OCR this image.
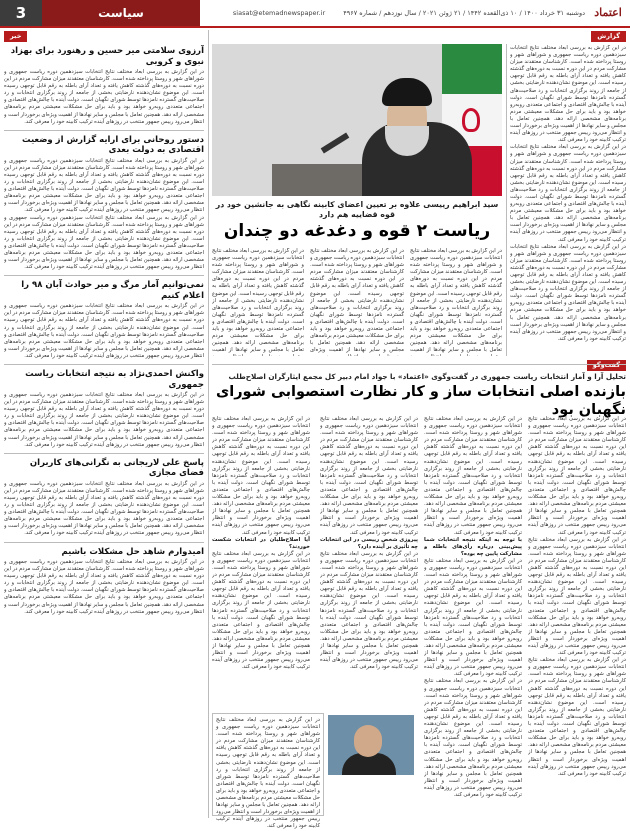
اعتماد
siasat@etemadnewspaper.ir	دوشنبه ۳۱ خرداد ۱۴۰۰ / ۱۰ ذی‌القعده ۱۴۴۲ / ۲۱ ژوئن ۲۰۲۱ / سال نوزدهم / شماره ۴۹۶۷
سیاست
3
گزارش
خبر
گفت‌وگو

در این گزارش به بررسی ابعاد مختلف نتایج انتخابات سیزدهمین دوره ریاست جمهوری و شوراهای شهر و روستا پرداخته شده است. کارشناسان معتقدند میزان مشارکت مردم در این دوره نسبت به دوره‌های گذشته کاهش یافته و تعداد آرای باطله به رقم قابل توجهی رسیده است. این موضوع نشان‌دهنده نارضایتی بخشی از جامعه از روند برگزاری انتخابات و رد صلاحیت‌های گسترده نامزدها توسط شورای نگهبان است. دولت آینده با چالش‌های اقتصادی و اجتماعی متعددی روبه‌رو خواهد بود و باید برای حل مشکلات معیشتی مردم برنامه‌های مشخصی ارائه دهد. همچنین تعامل با مجلس و سایر نهادها از اهمیت ویژه‌ای برخوردار است و انتظار می‌رود رییس جمهور منتخب در روزهای آینده ترکیب کابینه خود را معرفی کند.

در این گزارش به بررسی ابعاد مختلف نتایج انتخابات سیزدهمین دوره ریاست جمهوری و شوراهای شهر و روستا پرداخته شده است. کارشناسان معتقدند میزان مشارکت مردم در این دوره نسبت به دوره‌های گذشته کاهش یافته و تعداد آرای باطله به رقم قابل توجهی رسیده است. این موضوع نشان‌دهنده نارضایتی بخشی از جامعه از روند برگزاری انتخابات و رد صلاحیت‌های گسترده نامزدها توسط شورای نگهبان است. دولت آینده با چالش‌های اقتصادی و اجتماعی متعددی روبه‌رو خواهد بود و باید برای حل مشکلات معیشتی مردم برنامه‌های مشخصی ارائه دهد. همچنین تعامل با مجلس و سایر نهادها از اهمیت ویژه‌ای برخوردار است و انتظار می‌رود رییس جمهور منتخب در روزهای آینده ترکیب کابینه خود را معرفی کند.

در این گزارش به بررسی ابعاد مختلف نتایج انتخابات سیزدهمین دوره ریاست جمهوری و شوراهای شهر و روستا پرداخته شده است. کارشناسان معتقدند میزان مشارکت مردم در این دوره نسبت به دوره‌های گذشته کاهش یافته و تعداد آرای باطله به رقم قابل توجهی رسیده است. این موضوع نشان‌دهنده نارضایتی بخشی از جامعه از روند برگزاری انتخابات و رد صلاحیت‌های گسترده نامزدها توسط شورای نگهبان است. دولت آینده با چالش‌های اقتصادی و اجتماعی متعددی روبه‌رو خواهد بود و باید برای حل مشکلات معیشتی مردم برنامه‌های مشخصی ارائه دهد. همچنین تعامل با مجلس و سایر نهادها از اهمیت ویژه‌ای برخوردار است و انتظار می‌رود رییس جمهور منتخب در روزهای آینده ترکیب کابینه خود را معرفی کند.

آرزوی سلامتی میر حسین و رهنورد برای بهزاد نبوی و کروبی

در این گزارش به بررسی ابعاد مختلف نتایج انتخابات سیزدهمین دوره ریاست جمهوری و شوراهای شهر و روستا پرداخته شده است. کارشناسان معتقدند میزان مشارکت مردم در این دوره نسبت به دوره‌های گذشته کاهش یافته و تعداد آرای باطله به رقم قابل توجهی رسیده است. این موضوع نشان‌دهنده نارضایتی بخشی از جامعه از روند برگزاری انتخابات و رد صلاحیت‌های گسترده نامزدها توسط شورای نگهبان است. دولت آینده با چالش‌های اقتصادی و اجتماعی متعددی روبه‌رو خواهد بود و باید برای حل مشکلات معیشتی مردم برنامه‌های مشخصی ارائه دهد. همچنین تعامل با مجلس و سایر نهادها از اهمیت ویژه‌ای برخوردار است و انتظار می‌رود رییس جمهور منتخب در روزهای آینده ترکیب کابینه خود را معرفی کند.

دستور روحانی برای ارایه گزارش از وضعیت اقتصادی به دولت بعدی

در این گزارش به بررسی ابعاد مختلف نتایج انتخابات سیزدهمین دوره ریاست جمهوری و شوراهای شهر و روستا پرداخته شده است. کارشناسان معتقدند میزان مشارکت مردم در این دوره نسبت به دوره‌های گذشته کاهش یافته و تعداد آرای باطله به رقم قابل توجهی رسیده است. این موضوع نشان‌دهنده نارضایتی بخشی از جامعه از روند برگزاری انتخابات و رد صلاحیت‌های گسترده نامزدها توسط شورای نگهبان است. دولت آینده با چالش‌های اقتصادی و اجتماعی متعددی روبه‌رو خواهد بود و باید برای حل مشکلات معیشتی مردم برنامه‌های مشخصی ارائه دهد. همچنین تعامل با مجلس و سایر نهادها از اهمیت ویژه‌ای برخوردار است و انتظار می‌رود رییس جمهور منتخب در روزهای آینده ترکیب کابینه خود را معرفی کند.

در این گزارش به بررسی ابعاد مختلف نتایج انتخابات سیزدهمین دوره ریاست جمهوری و شوراهای شهر و روستا پرداخته شده است. کارشناسان معتقدند میزان مشارکت مردم در این دوره نسبت به دوره‌های گذشته کاهش یافته و تعداد آرای باطله به رقم قابل توجهی رسیده است. این موضوع نشان‌دهنده نارضایتی بخشی از جامعه از روند برگزاری انتخابات و رد صلاحیت‌های گسترده نامزدها توسط شورای نگهبان است. دولت آینده با چالش‌های اقتصادی و اجتماعی متعددی روبه‌رو خواهد بود و باید برای حل مشکلات معیشتی مردم برنامه‌های مشخصی ارائه دهد. همچنین تعامل با مجلس و سایر نهادها از اهمیت ویژه‌ای برخوردار است و انتظار می‌رود رییس جمهور منتخب در روزهای آینده ترکیب کابینه خود را معرفی کند.

نمی‌توانیم آمار مرگ و میر حوادث آبان ۹۸ را اعلام کنیم

در این گزارش به بررسی ابعاد مختلف نتایج انتخابات سیزدهمین دوره ریاست جمهوری و شوراهای شهر و روستا پرداخته شده است. کارشناسان معتقدند میزان مشارکت مردم در این دوره نسبت به دوره‌های گذشته کاهش یافته و تعداد آرای باطله به رقم قابل توجهی رسیده است. این موضوع نشان‌دهنده نارضایتی بخشی از جامعه از روند برگزاری انتخابات و رد صلاحیت‌های گسترده نامزدها توسط شورای نگهبان است. دولت آینده با چالش‌های اقتصادی و اجتماعی متعددی روبه‌رو خواهد بود و باید برای حل مشکلات معیشتی مردم برنامه‌های مشخصی ارائه دهد. همچنین تعامل با مجلس و سایر نهادها از اهمیت ویژه‌ای برخوردار است و انتظار می‌رود رییس جمهور منتخب در روزهای آینده ترکیب کابینه خود را معرفی کند.

واکنش احمدی‌نژاد به نتیجه انتخابات ریاست جمهوری

در این گزارش به بررسی ابعاد مختلف نتایج انتخابات سیزدهمین دوره ریاست جمهوری و شوراهای شهر و روستا پرداخته شده است. کارشناسان معتقدند میزان مشارکت مردم در این دوره نسبت به دوره‌های گذشته کاهش یافته و تعداد آرای باطله به رقم قابل توجهی رسیده است. این موضوع نشان‌دهنده نارضایتی بخشی از جامعه از روند برگزاری انتخابات و رد صلاحیت‌های گسترده نامزدها توسط شورای نگهبان است. دولت آینده با چالش‌های اقتصادی و اجتماعی متعددی روبه‌رو خواهد بود و باید برای حل مشکلات معیشتی مردم برنامه‌های مشخصی ارائه دهد. همچنین تعامل با مجلس و سایر نهادها از اهمیت ویژه‌ای برخوردار است و انتظار می‌رود رییس جمهور منتخب در روزهای آینده ترکیب کابینه خود را معرفی کند.

پاسخ علی لاریجانی به نگرانی‌های کاربران فضای مجازی

در این گزارش به بررسی ابعاد مختلف نتایج انتخابات سیزدهمین دوره ریاست جمهوری و شوراهای شهر و روستا پرداخته شده است. کارشناسان معتقدند میزان مشارکت مردم در این دوره نسبت به دوره‌های گذشته کاهش یافته و تعداد آرای باطله به رقم قابل توجهی رسیده است. این موضوع نشان‌دهنده نارضایتی بخشی از جامعه از روند برگزاری انتخابات و رد صلاحیت‌های گسترده نامزدها توسط شورای نگهبان است. دولت آینده با چالش‌های اقتصادی و اجتماعی متعددی روبه‌رو خواهد بود و باید برای حل مشکلات معیشتی مردم برنامه‌های مشخصی ارائه دهد. همچنین تعامل با مجلس و سایر نهادها از اهمیت ویژه‌ای برخوردار است و انتظار می‌رود رییس جمهور منتخب در روزهای آینده ترکیب کابینه خود را معرفی کند.

امیدوارم شاهد حل مشکلات باشیم

در این گزارش به بررسی ابعاد مختلف نتایج انتخابات سیزدهمین دوره ریاست جمهوری و شوراهای شهر و روستا پرداخته شده است. کارشناسان معتقدند میزان مشارکت مردم در این دوره نسبت به دوره‌های گذشته کاهش یافته و تعداد آرای باطله به رقم قابل توجهی رسیده است. این موضوع نشان‌دهنده نارضایتی بخشی از جامعه از روند برگزاری انتخابات و رد صلاحیت‌های گسترده نامزدها توسط شورای نگهبان است. دولت آینده با چالش‌های اقتصادی و اجتماعی متعددی روبه‌رو خواهد بود و باید برای حل مشکلات معیشتی مردم برنامه‌های مشخصی ارائه دهد. همچنین تعامل با مجلس و سایر نهادها از اهمیت ویژه‌ای برخوردار است و انتظار می‌رود رییس جمهور منتخب در روزهای آینده ترکیب کابینه خود را معرفی کند.

سید ابراهیم رییسی علاوه بر تعیین اعضای کابینه نگاهی به جانشین خود در قوه قضاییه هم دارد
ریاست ۲ قوه و دغدغه دو چندان

در این گزارش به بررسی ابعاد مختلف نتایج انتخابات سیزدهمین دوره ریاست جمهوری و شوراهای شهر و روستا پرداخته شده است. کارشناسان معتقدند میزان مشارکت مردم در این دوره نسبت به دوره‌های گذشته کاهش یافته و تعداد آرای باطله به رقم قابل توجهی رسیده است. این موضوع نشان‌دهنده نارضایتی بخشی از جامعه از روند برگزاری انتخابات و رد صلاحیت‌های گسترده نامزدها توسط شورای نگهبان است. دولت آینده با چالش‌های اقتصادی و اجتماعی متعددی روبه‌رو خواهد بود و باید برای حل مشکلات معیشتی مردم برنامه‌های مشخصی ارائه دهد. همچنین تعامل با مجلس و سایر نهادها از اهمیت

در این گزارش به بررسی ابعاد مختلف نتایج انتخابات سیزدهمین دوره ریاست جمهوری و شوراهای شهر و روستا پرداخته شده است. کارشناسان معتقدند میزان مشارکت مردم در این دوره نسبت به دوره‌های گذشته کاهش یافته و تعداد آرای باطله به رقم قابل توجهی رسیده است. این موضوع نشان‌دهنده نارضایتی بخشی از جامعه از روند برگزاری انتخابات و رد صلاحیت‌های گسترده نامزدها توسط شورای نگهبان است. دولت آینده با چالش‌های اقتصادی و اجتماعی متعددی روبه‌رو خواهد بود و باید برای حل مشکلات معیشتی مردم برنامه‌های مشخصی ارائه دهد. همچنین تعامل با مجلس و سایر نهادها از اهمیت ویژه‌ای

در این گزارش به بررسی ابعاد مختلف نتایج انتخابات سیزدهمین دوره ریاست جمهوری و شوراهای شهر و روستا پرداخته شده است. کارشناسان معتقدند میزان مشارکت مردم در این دوره نسبت به دوره‌های گذشته کاهش یافته و تعداد آرای باطله به رقم قابل توجهی رسیده است. این موضوع نشان‌دهنده نارضایتی بخشی از جامعه از روند برگزاری انتخابات و رد صلاحیت‌های گسترده نامزدها توسط شورای نگهبان است. دولت آینده با چالش‌های اقتصادی و اجتماعی متعددی روبه‌رو خواهد بود و باید برای حل مشکلات معیشتی مردم برنامه‌های مشخصی ارائه دهد. همچنین تعامل با مجلس و سایر نهادها از اهمیت

تحلیل آرا و آمار انتخابات ریاست جمهوری در گفت‌و‌گوی «اعتماد» با جواد امام دبیر کل مجمع ایثارگران اصلاح‌طلب
بازنده اصلی انتخابات ساز و کار نظارت استصوابی شورای نگهبان بود

در این گزارش به بررسی ابعاد مختلف نتایج انتخابات سیزدهمین دوره ریاست جمهوری و شوراهای شهر و روستا پرداخته شده است. کارشناسان معتقدند میزان مشارکت مردم در این دوره نسبت به دوره‌های گذشته کاهش یافته و تعداد آرای باطله به رقم قابل توجهی رسیده است. این موضوع نشان‌دهنده نارضایتی بخشی از جامعه از روند برگزاری انتخابات و رد صلاحیت‌های گسترده نامزدها توسط شورای نگهبان است. دولت آینده با چالش‌های اقتصادی و اجتماعی متعددی روبه‌رو خواهد بود و باید برای حل مشکلات معیشتی مردم برنامه‌های مشخصی ارائه دهد. همچنین تعامل با مجلس و سایر نهادها از اهمیت ویژه‌ای برخوردار است و انتظار می‌رود رییس جمهور منتخب در روزهای آینده ترکیب کابینه خود را معرفی کند.

در این گزارش به بررسی ابعاد مختلف نتایج انتخابات سیزدهمین دوره ریاست جمهوری و شوراهای شهر و روستا پرداخته شده است. کارشناسان معتقدند میزان مشارکت مردم در این دوره نسبت به دوره‌های گذشته کاهش یافته و تعداد آرای باطله به رقم قابل توجهی رسیده است. این موضوع نشان‌دهنده نارضایتی بخشی از جامعه از روند برگزاری انتخابات و رد صلاحیت‌های گسترده نامزدها توسط شورای نگهبان است. دولت آینده با چالش‌های اقتصادی و اجتماعی متعددی روبه‌رو خواهد بود و باید برای حل مشکلات معیشتی مردم برنامه‌های مشخصی ارائه دهد. همچنین تعامل با مجلس و سایر نهادها از اهمیت ویژه‌ای برخوردار است و انتظار می‌رود رییس جمهور منتخب در روزهای آینده ترکیب کابینه خود را معرفی کند.

در این گزارش به بررسی ابعاد مختلف نتایج انتخابات سیزدهمین دوره ریاست جمهوری و شوراهای شهر و روستا پرداخته شده است. کارشناسان معتقدند میزان مشارکت مردم در این دوره نسبت به دوره‌های گذشته کاهش یافته و تعداد آرای باطله به رقم قابل توجهی رسیده است. این موضوع نشان‌دهنده نارضایتی بخشی از جامعه از روند برگزاری انتخابات و رد صلاحیت‌های گسترده نامزدها توسط شورای نگهبان است. دولت آینده با چالش‌های اقتصادی و اجتماعی متعددی روبه‌رو خواهد بود و باید برای حل مشکلات معیشتی مردم برنامه‌های مشخصی ارائه دهد. همچنین تعامل با مجلس و سایر نهادها از اهمیت ویژه‌ای برخوردار است و انتظار می‌رود رییس جمهور منتخب در روزهای آینده ترکیب کابینه خود را معرفی کند.

در این گزارش به بررسی ابعاد مختلف نتایج انتخابات سیزدهمین دوره ریاست جمهوری و شوراهای شهر و روستا پرداخته شده است. کارشناسان معتقدند میزان مشارکت مردم در این دوره نسبت به دوره‌های گذشته کاهش یافته و تعداد آرای باطله به رقم قابل توجهی رسیده است. این موضوع نشان‌دهنده نارضایتی بخشی از جامعه از روند برگزاری انتخابات و رد صلاحیت‌های گسترده نامزدها توسط شورای نگهبان است. دولت آینده با چالش‌های اقتصادی و اجتماعی متعددی روبه‌رو خواهد بود و باید برای حل مشکلات معیشتی مردم برنامه‌های مشخصی ارائه دهد. همچنین تعامل با مجلس و سایر نهادها از اهمیت ویژه‌ای برخوردار است و انتظار می‌رود رییس جمهور منتخب در روزهای آینده ترکیب کابینه خود را معرفی کند.

با توجه به اینکه نتیجه انتخابات شما پیش‌بینی درباره رأی‌های باطله و مشارکت پایین چه بوده؟

در این گزارش به بررسی ابعاد مختلف نتایج انتخابات سیزدهمین دوره ریاست جمهوری و شوراهای شهر و روستا پرداخته شده است. کارشناسان معتقدند میزان مشارکت مردم در این دوره نسبت به دوره‌های گذشته کاهش یافته و تعداد آرای باطله به رقم قابل توجهی رسیده است. این موضوع نشان‌دهنده نارضایتی بخشی از جامعه از روند برگزاری انتخابات و رد صلاحیت‌های گسترده نامزدها توسط شورای نگهبان است. دولت آینده با چالش‌های اقتصادی و اجتماعی متعددی روبه‌رو خواهد بود و باید برای حل مشکلات معیشتی مردم برنامه‌های مشخصی ارائه دهد. همچنین تعامل با مجلس و سایر نهادها از اهمیت ویژه‌ای برخوردار است و انتظار می‌رود رییس جمهور منتخب در روزهای آینده ترکیب کابینه خود را معرفی کند.

در این گزارش به بررسی ابعاد مختلف نتایج انتخابات سیزدهمین دوره ریاست جمهوری و شوراهای شهر و روستا پرداخته شده است. کارشناسان معتقدند میزان مشارکت مردم در این دوره نسبت به دوره‌های گذشته کاهش یافته و تعداد آرای باطله به رقم قابل توجهی رسیده است. این موضوع نشان‌دهنده نارضایتی بخشی از جامعه از روند برگزاری انتخابات و رد صلاحیت‌های گسترده نامزدها توسط شورای نگهبان است. دولت آینده با چالش‌های اقتصادی و اجتماعی متعددی روبه‌رو خواهد بود و باید برای حل مشکلات معیشتی مردم برنامه‌های مشخصی ارائه دهد. همچنین تعامل با مجلس و سایر نهادها از اهمیت ویژه‌ای برخوردار است و انتظار می‌رود رییس جمهور منتخب در روزهای آینده ترکیب کابینه خود را معرفی کند.

در این گزارش به بررسی ابعاد مختلف نتایج انتخابات سیزدهمین دوره ریاست جمهوری و شوراهای شهر و روستا پرداخته شده است. کارشناسان معتقدند میزان مشارکت مردم در این دوره نسبت به دوره‌های گذشته کاهش یافته و تعداد آرای باطله به رقم قابل توجهی رسیده است. این موضوع نشان‌دهنده نارضایتی بخشی از جامعه از روند برگزاری انتخابات و رد صلاحیت‌های گسترده نامزدها توسط شورای نگهبان است. دولت آینده با چالش‌های اقتصادی و اجتماعی متعددی روبه‌رو خواهد بود و باید برای حل مشکلات معیشتی مردم برنامه‌های مشخصی ارائه دهد. همچنین تعامل با مجلس و سایر نهادها از اهمیت ویژه‌ای برخوردار است و انتظار می‌رود رییس جمهور منتخب در روزهای آینده ترکیب کابینه خود را معرفی کند.

پیروزی شخص رییسی در این انتخابات چه تأثیری بر آینده دارد؟

در این گزارش به بررسی ابعاد مختلف نتایج انتخابات سیزدهمین دوره ریاست جمهوری و شوراهای شهر و روستا پرداخته شده است. کارشناسان معتقدند میزان مشارکت مردم در این دوره نسبت به دوره‌های گذشته کاهش یافته و تعداد آرای باطله به رقم قابل توجهی رسیده است. این موضوع نشان‌دهنده نارضایتی بخشی از جامعه از روند برگزاری انتخابات و رد صلاحیت‌های گسترده نامزدها توسط شورای نگهبان است. دولت آینده با چالش‌های اقتصادی و اجتماعی متعددی روبه‌رو خواهد بود و باید برای حل مشکلات معیشتی مردم برنامه‌های مشخصی ارائه دهد. همچنین تعامل با مجلس و سایر نهادها از اهمیت ویژه‌ای برخوردار است و انتظار می‌رود رییس جمهور منتخب در روزهای آینده ترکیب کابینه خود را معرفی کند.

در این گزارش به بررسی ابعاد مختلف نتایج انتخابات سیزدهمین دوره ریاست جمهوری و شوراهای شهر و روستا پرداخته شده است. کارشناسان معتقدند میزان مشارکت مردم در این دوره نسبت به دوره‌های گذشته کاهش یافته و تعداد آرای باطله به رقم قابل توجهی رسیده است. این موضوع نشان‌دهنده نارضایتی بخشی از جامعه از روند برگزاری انتخابات و رد صلاحیت‌های گسترده نامزدها توسط شورای نگهبان است. دولت آینده با چالش‌های اقتصادی و اجتماعی متعددی روبه‌رو خواهد بود و باید برای حل مشکلات معیشتی مردم برنامه‌های مشخصی ارائه دهد. همچنین تعامل با مجلس و سایر نهادها از اهمیت ویژه‌ای برخوردار است و انتظار می‌رود رییس جمهور منتخب در روزهای آینده ترکیب کابینه خود را معرفی کند.

آیا اصلاح‌طلبان در انتخابات شکست خوردند؟

در این گزارش به بررسی ابعاد مختلف نتایج انتخابات سیزدهمین دوره ریاست جمهوری و شوراهای شهر و روستا پرداخته شده است. کارشناسان معتقدند میزان مشارکت مردم در این دوره نسبت به دوره‌های گذشته کاهش یافته و تعداد آرای باطله به رقم قابل توجهی رسیده است. این موضوع نشان‌دهنده نارضایتی بخشی از جامعه از روند برگزاری انتخابات و رد صلاحیت‌های گسترده نامزدها توسط شورای نگهبان است. دولت آینده با چالش‌های اقتصادی و اجتماعی متعددی روبه‌رو خواهد بود و باید برای حل مشکلات معیشتی مردم برنامه‌های مشخصی ارائه دهد. همچنین تعامل با مجلس و سایر نهادها از اهمیت ویژه‌ای برخوردار است و انتظار می‌رود رییس جمهور منتخب در روزهای آینده ترکیب کابینه خود را معرفی کند.

در این گزارش به بررسی ابعاد مختلف نتایج انتخابات سیزدهمین دوره ریاست جمهوری و شوراهای شهر و روستا پرداخته شده است. کارشناسان معتقدند میزان مشارکت مردم در این دوره نسبت به دوره‌های گذشته کاهش یافته و تعداد آرای باطله به رقم قابل توجهی رسیده است. این موضوع نشان‌دهنده نارضایتی بخشی از جامعه از روند برگزاری انتخابات و رد صلاحیت‌های گسترده نامزدها توسط شورای نگهبان است. دولت آینده با چالش‌های اقتصادی و اجتماعی متعددی روبه‌رو خواهد بود و باید برای حل مشکلات معیشتی مردم برنامه‌های مشخصی ارائه دهد. همچنین تعامل با مجلس و سایر نهادها از اهمیت ویژه‌ای برخوردار است و انتظار می‌رود رییس جمهور منتخب در روزهای آینده ترکیب کابینه خود را معرفی کند.
